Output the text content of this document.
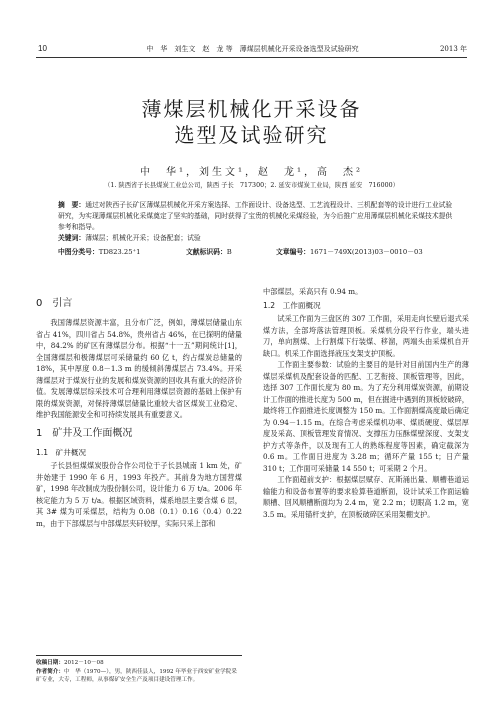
10	中　华　刘生文　赵　龙 等　薄煤层机械化开采设备选型及试验研究	2013 年
薄煤层机械化开采设备
选型及试验研究
中　华¹，刘生文¹，赵　龙¹，高　杰²
（1. 陕西省子长县煤炭工业总公司，陕西 子长　717300；2. 延安市煤炭工业局，陕西 延安　716000）
摘　要：通过对陕西子长矿区薄煤层机械化开采方案选择、工作面设计、设备选型、工艺流程设计、三机配套等的设计进行工业试验研究，为实现薄煤层机械化采煤奠定了坚实的基础，同时获得了宝贵的机械化采煤经验，为今后推广应用薄煤层机械化采煤技术提供参考和指导。
关键词：薄煤层；机械化开采；设备配套；试验
中图分类号：TD823.25⁺1	文献标识码：B	文章编号：1671－749X(2013)03－0010－03
0　引言

我国薄煤层资源丰富，且分布广泛，例如，薄煤层储量山东省占 41%，四川省占 54.8%，贵州省占 46%，在已探明的储量中，84.2% 的矿区有薄煤层分布。根据“十一五”期间统计[1]，全国薄煤层和极薄煤层可采储量约 60 亿 t，约占煤炭总储量的 18%，其中厚度 0.8－1.3 m 的缓倾斜薄煤层占 73.4%。开采薄煤层对于煤炭行业的发展和煤炭资源的回收具有重大的经济价值。发展薄煤层综采技术可合理利用薄煤层资源的基础上保护有限的煤炭资源，对保持薄煤层储量比重较大省区煤炭工业稳定、维护我国能源安全和可持续发展具有重要意义。

1　矿井及工作面概况
1.1　矿井概况

子长县恒煤煤炭股份合作公司位于子长县城南 1 km 处，矿井始建于 1990 年 6 月，1993 年投产。其前身为地方国营煤矿，1998 年改制成为股份制公司，设计能力 6 万 t/a。2006 年核定能力为 5 万 t/a。根据区域资料，煤系地层主要含煤 6 层，其 3# 煤为可采煤层，结构为 0.08（0.1）0.16（0.4）0.22 m，由于下部煤层与中部煤层夹矸较厚，实际只采上部和

中部煤层，采高只有 0.94 m。

1.2　工作面概况

试采工作面为三盘区的 307 工作面，采用走向长壁后退式采煤方法，全部垮落法管理顶板。采煤机分段平行作业，端头进刀，单向割煤、上行割煤下行装煤、移溜，两端头由采煤机自开缺口。机采工作面选择液压支架支护顶板。

工作面主要参数：试验的主要目的是针对目前国内生产的薄煤层采煤机及配套设备的匹配、工艺衔接、顶板管理等，因此，选择 307 工作面长度为 80 m。为了充分利用煤炭资源，前期设计工作面的推进长度为 500 m，但在掘进中遇到的顶板较破碎，最终将工作面推进长度调整为 150 m。工作面割煤高度最后确定为 0.94－1.15 m。在综合考虑采煤机功率、煤质硬度、煤层厚度及采高、顶板管理发育情况、支撑压力压酥煤壁深度、支架支护方式等条件，以及现有工人的熟练程度等因素，确定截深为 0.6 m。工作面日进度为 3.28 m；循环产量 155 t；日产量 310 t；工作面可采储量 14 550 t；可采期 2 个月。

工作面超前支护：根据煤层赋存、瓦斯涌出量、顺槽巷道运输能力和设备布置等的要求验算巷道断面，设计试采工作面运输顺槽、回风顺槽断面均为 2.4 m，宽 2.2 m；切眼高 1.2 m，宽 3.5 m。采用锚杆支护，在顶板破碎区采用架棚支护。

收稿日期：2012－10－08
作者简介：中　华（1970—），男，陕西佳县人，1992 年毕业于西安矿业学院采矿专业，大专，工程师，从事煤矿安全生产及项目建设管理工作。
